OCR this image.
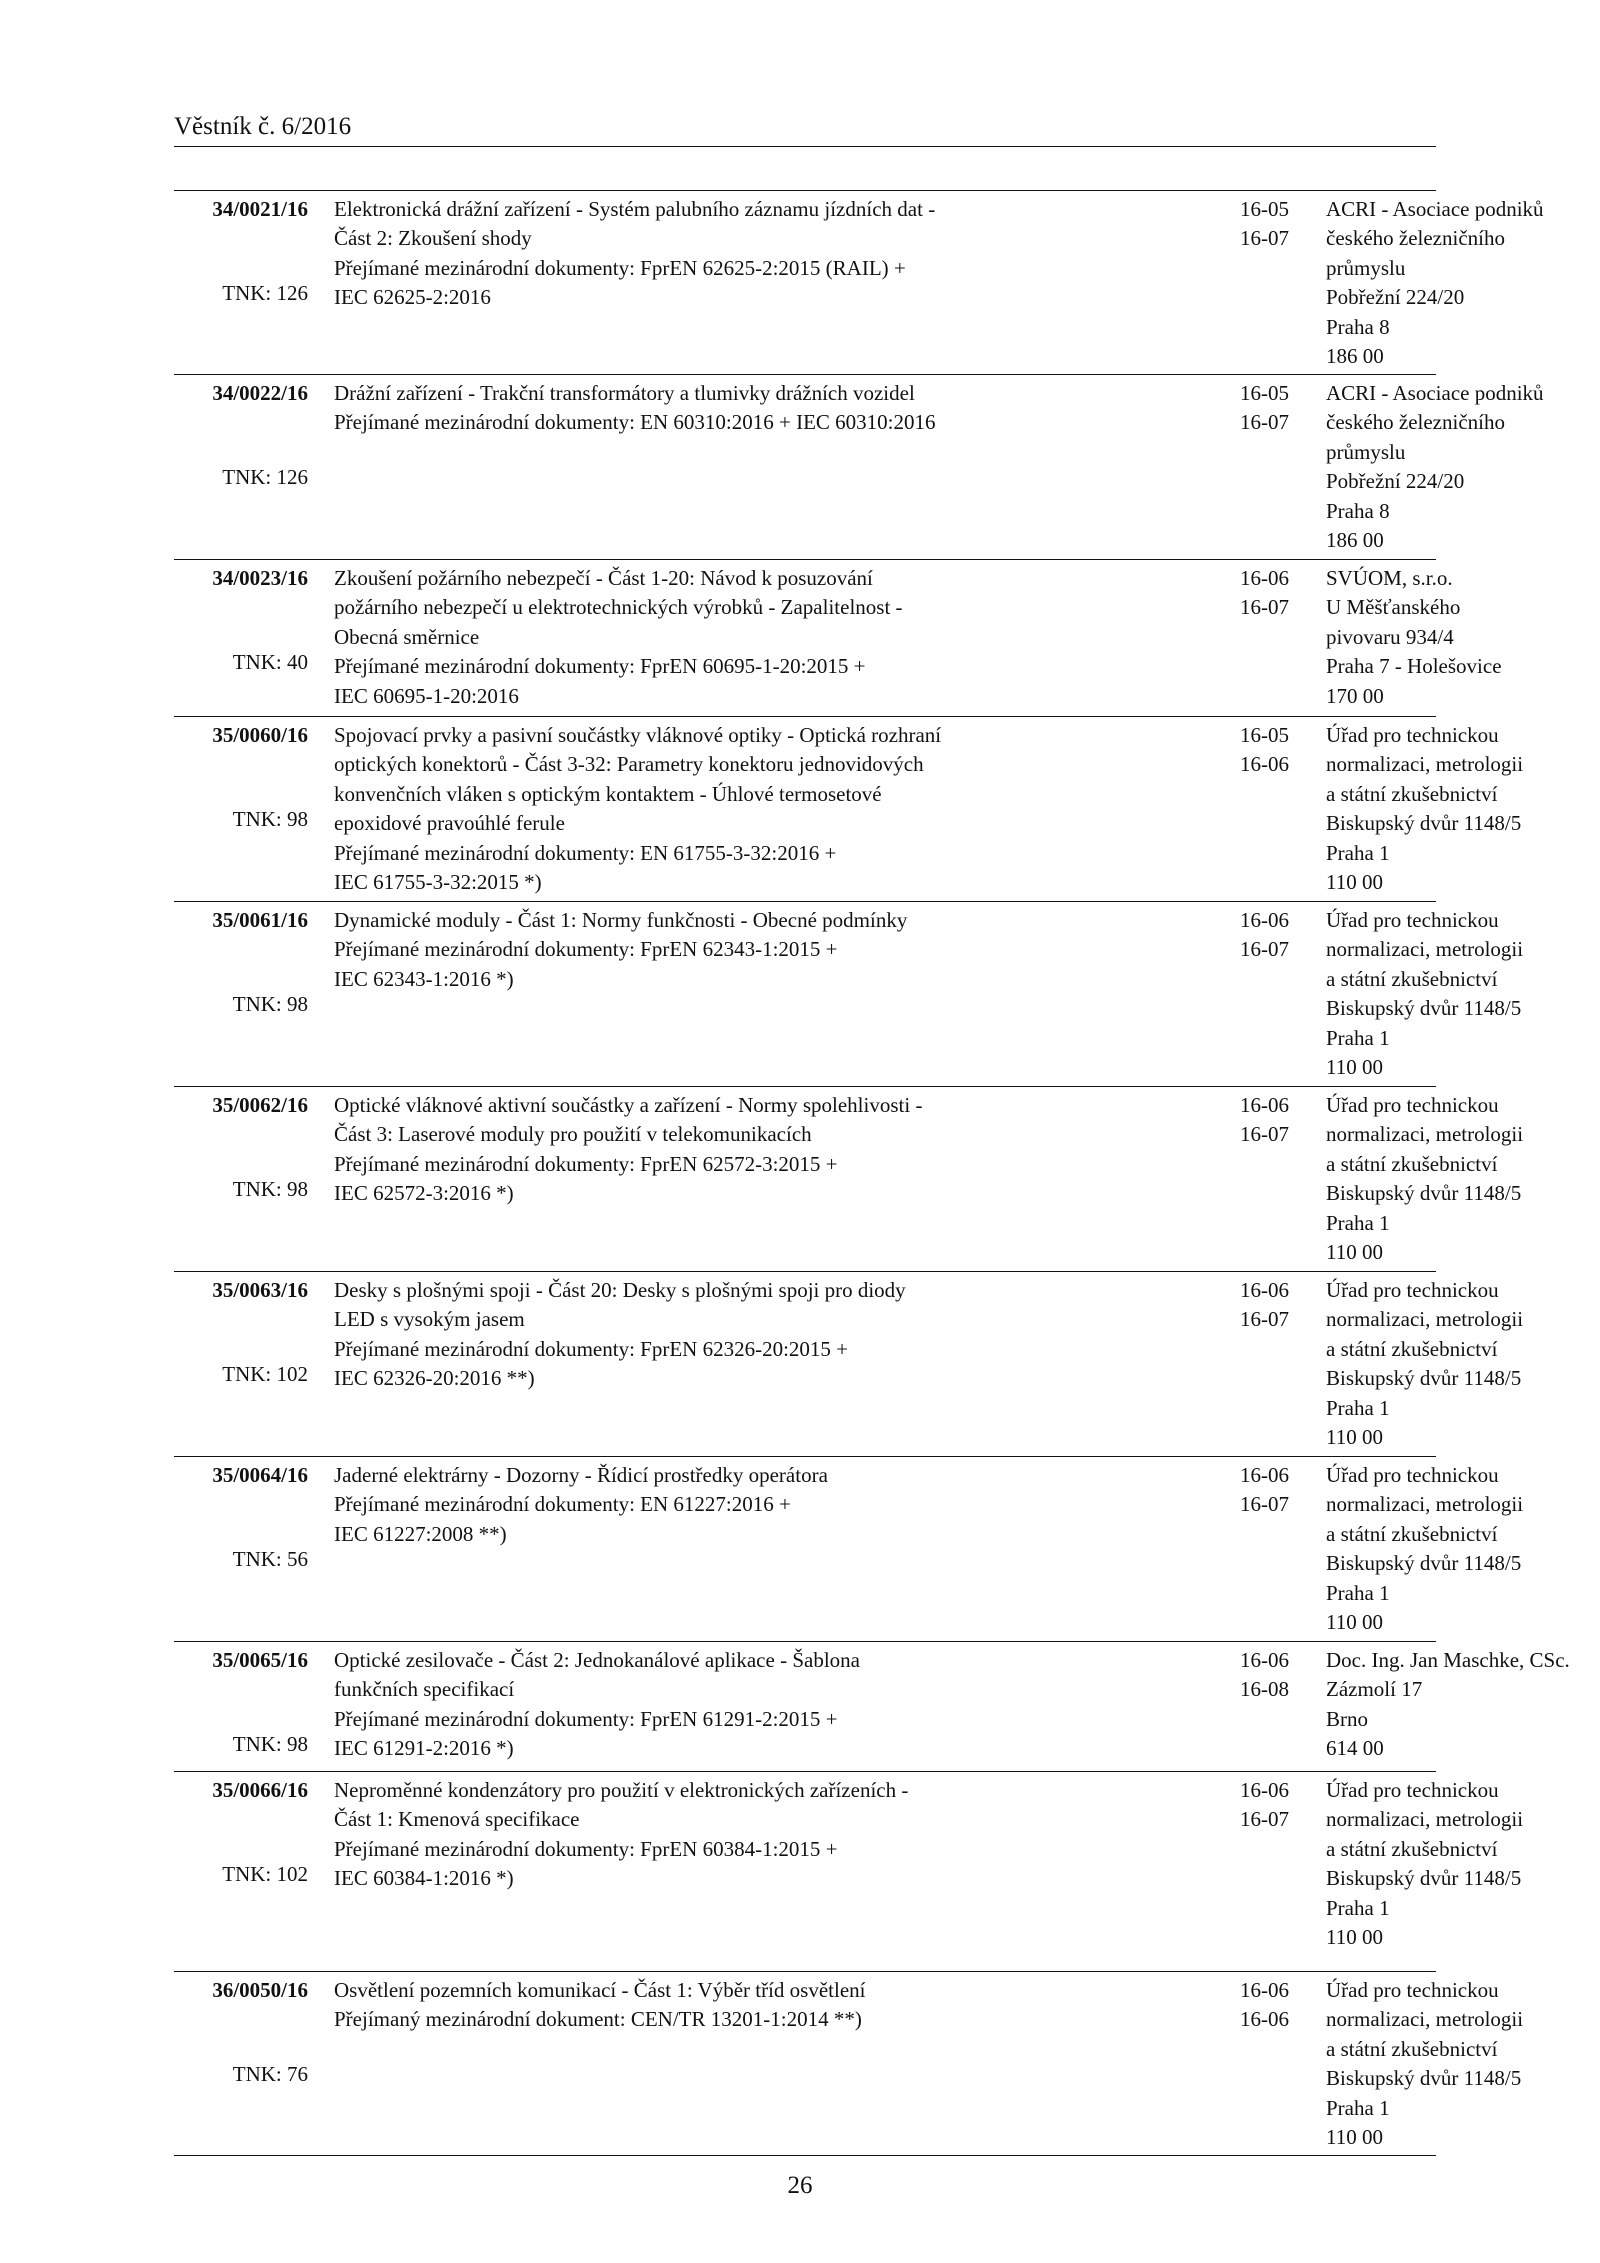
Věstník č. 6/2016
34/0021/16
TNK: 126
Elektronická drážní zařízení - Systém palubního záznamu jízdních dat -
Část 2: Zkoušení shody
Přejímané mezinárodní dokumenty: FprEN 62625-2:2015 (RAIL) +
IEC 62625-2:2016
16-05
16-07
ACRI - Asociace podniků
českého železničního
průmyslu
Pobřežní 224/20
Praha 8
186 00
34/0022/16
TNK: 126
Drážní zařízení - Trakční transformátory a tlumivky drážních vozidel
Přejímané mezinárodní dokumenty: EN 60310:2016 + IEC 60310:2016
16-05
16-07
ACRI - Asociace podniků
českého železničního
průmyslu
Pobřežní 224/20
Praha 8
186 00
34/0023/16
TNK: 40
Zkoušení požárního nebezpečí - Část 1-20: Návod k posuzování
požárního nebezpečí u elektrotechnických výrobků - Zapalitelnost -
Obecná směrnice
Přejímané mezinárodní dokumenty: FprEN 60695-1-20:2015 +
IEC 60695-1-20:2016
16-06
16-07
SVÚOM, s.r.o.
U Měšťanského
pivovaru 934/4
Praha 7 - Holešovice
170 00
35/0060/16
TNK: 98
Spojovací prvky a pasivní součástky vláknové optiky - Optická rozhraní
optických konektorů - Část 3-32: Parametry konektoru jednovidových
konvenčních vláken s optickým kontaktem - Úhlové termosetové
epoxidové pravoúhlé ferule
Přejímané mezinárodní dokumenty: EN 61755-3-32:2016 +
IEC 61755-3-32:2015 *)
16-05
16-06
Úřad pro technickou
normalizaci, metrologii
a státní zkušebnictví
Biskupský dvůr 1148/5
Praha 1
110 00
35/0061/16
TNK: 98
Dynamické moduly - Část 1: Normy funkčnosti - Obecné podmínky
Přejímané mezinárodní dokumenty: FprEN 62343-1:2015 +
IEC 62343-1:2016 *)
16-06
16-07
Úřad pro technickou
normalizaci, metrologii
a státní zkušebnictví
Biskupský dvůr 1148/5
Praha 1
110 00
35/0062/16
TNK: 98
Optické vláknové aktivní součástky a zařízení - Normy spolehlivosti -
Část 3: Laserové moduly pro použití v telekomunikacích
Přejímané mezinárodní dokumenty: FprEN 62572-3:2015 +
IEC 62572-3:2016 *)
16-06
16-07
Úřad pro technickou
normalizaci, metrologii
a státní zkušebnictví
Biskupský dvůr 1148/5
Praha 1
110 00
35/0063/16
TNK: 102
Desky s plošnými spoji - Část 20: Desky s plošnými spoji pro diody
LED s vysokým jasem
Přejímané mezinárodní dokumenty: FprEN 62326-20:2015 +
IEC 62326-20:2016 **)
16-06
16-07
Úřad pro technickou
normalizaci, metrologii
a státní zkušebnictví
Biskupský dvůr 1148/5
Praha 1
110 00
35/0064/16
TNK: 56
Jaderné elektrárny - Dozorny - Řídicí prostředky operátora
Přejímané mezinárodní dokumenty: EN 61227:2016 +
IEC 61227:2008 **)
16-06
16-07
Úřad pro technickou
normalizaci, metrologii
a státní zkušebnictví
Biskupský dvůr 1148/5
Praha 1
110 00
35/0065/16
TNK: 98
Optické zesilovače - Část 2: Jednokanálové aplikace - Šablona
funkčních specifikací
Přejímané mezinárodní dokumenty: FprEN 61291-2:2015 +
IEC 61291-2:2016 *)
16-06
16-08
Doc. Ing. Jan Maschke, CSc.
Zázmolí 17
Brno
614 00
35/0066/16
TNK: 102
Neproměnné kondenzátory pro použití v elektronických zařízeních -
Část 1: Kmenová specifikace
Přejímané mezinárodní dokumenty: FprEN 60384-1:2015 +
IEC 60384-1:2016 *)
16-06
16-07
Úřad pro technickou
normalizaci, metrologii
a státní zkušebnictví
Biskupský dvůr 1148/5
Praha 1
110 00
36/0050/16
TNK: 76
Osvětlení pozemních komunikací - Část 1: Výběr tříd osvětlení
Přejímaný mezinárodní dokument: CEN/TR 13201-1:2014 **)
16-06
16-06
Úřad pro technickou
normalizaci, metrologii
a státní zkušebnictví
Biskupský dvůr 1148/5
Praha 1
110 00
26
